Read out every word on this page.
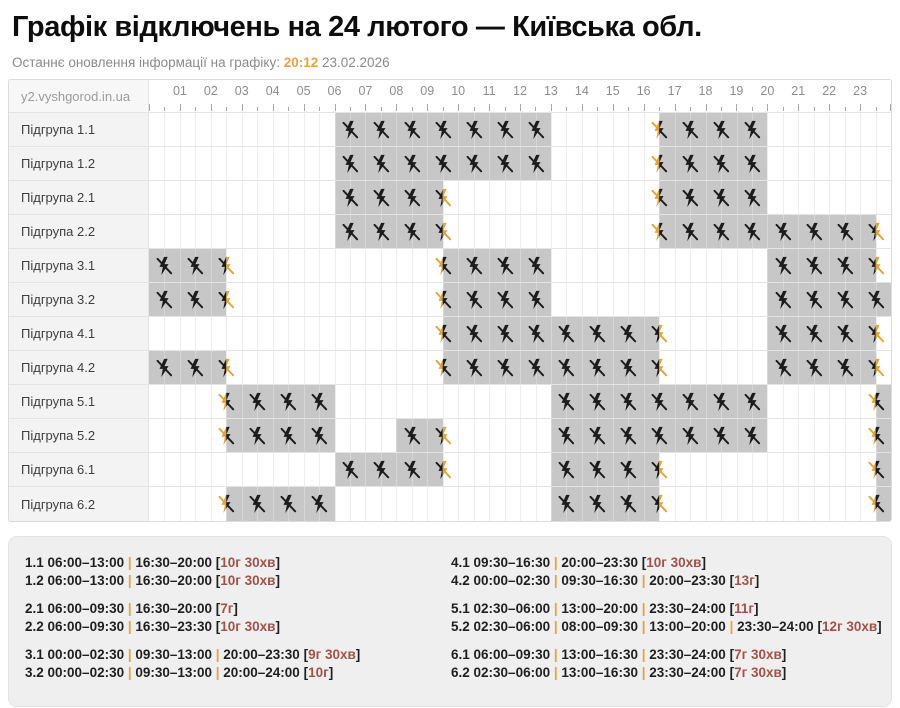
Графік відключень на 24 лютого — Київська обл.
Останнє оновлення інформації на графіку: 20:12 23.02.2026
y2.vyshgorod.in.ua	01 02 03 04 05 06 07 08 09 10 11 12 13 14 15 16 17 18 19 20 21 22 23
Підгрупа 1.1
Підгрупа 1.2
Підгрупа 2.1
Підгрупа 2.2
Підгрупа 3.1
Підгрупа 3.2
Підгрупа 4.1
Підгрупа 4.2
Підгрупа 5.1
Підгрупа 5.2
Підгрупа 6.1
Підгрупа 6.2
1.1 06:00–13:00 | 16:30–20:00 [10г 30хв]
1.2 06:00–13:00 | 16:30–20:00 [10г 30хв]
2.1 06:00–09:30 | 16:30–20:00 [7г]
2.2 06:00–09:30 | 16:30–23:30 [10г 30хв]
3.1 00:00–02:30 | 09:30–13:00 | 20:00–23:30 [9г 30хв]
3.2 00:00–02:30 | 09:30–13:00 | 20:00–24:00 [10г]
4.1 09:30–16:30 | 20:00–23:30 [10г 30хв]
4.2 00:00–02:30 | 09:30–16:30 | 20:00–23:30 [13г]
5.1 02:30–06:00 | 13:00–20:00 | 23:30–24:00 [11г]
5.2 02:30–06:00 | 08:00–09:30 | 13:00–20:00 | 23:30–24:00 [12г 30хв]
6.1 06:00–09:30 | 13:00–16:30 | 23:30–24:00 [7г 30хв]
6.2 02:30–06:00 | 13:00–16:30 | 23:30–24:00 [7г 30хв]
